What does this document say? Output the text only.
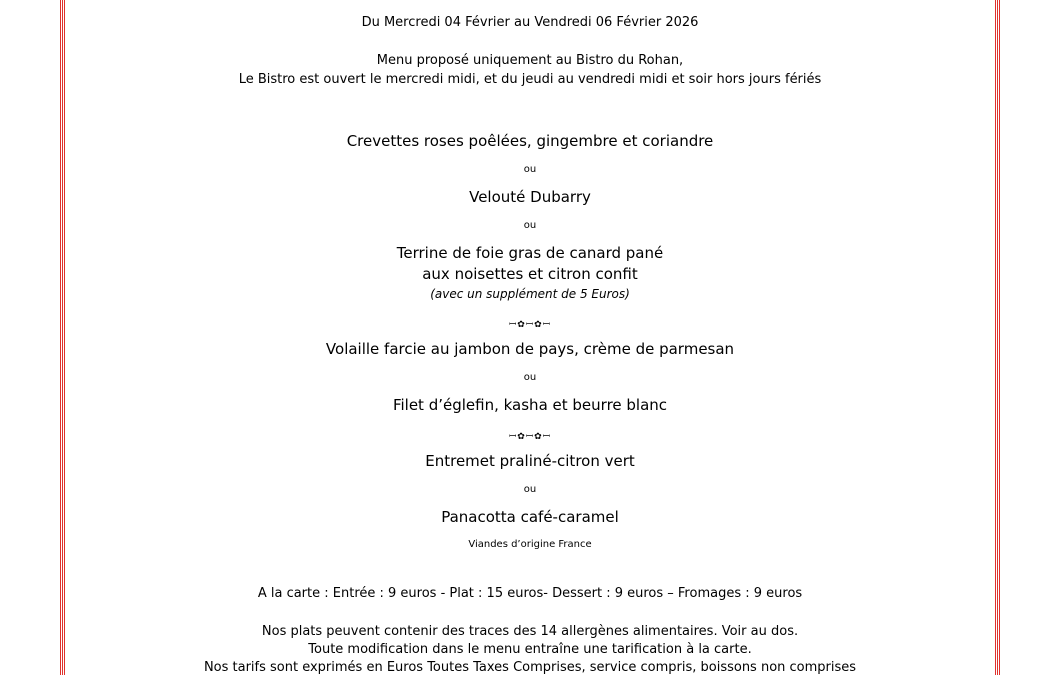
Du Mercredi 04 Février au Vendredi 06 Février 2026
Menu proposé uniquement au Bistro du Rohan,
Le Bistro est ouvert le mercredi midi, et du jeudi au vendredi midi et soir hors jours fériés
Crevettes roses poêlées, gingembre et coriandre
ou
Velouté Dubarry
ou
Terrine de foie gras de canard pané
aux noisettes et citron confit
(avec un supplément de 5 Euros)
ꟷ✿ꟷ✿ꟷ
Volaille farcie au jambon de pays, crème de parmesan
ou
Filet d’églefin, kasha et beurre blanc
ꟷ✿ꟷ✿ꟷ
Entremet praliné-citron vert
ou
Panacotta café-caramel
Viandes d’origine France
A la carte : Entrée : 9 euros - Plat : 15 euros- Dessert : 9 euros – Fromages : 9 euros
Nos plats peuvent contenir des traces des 14 allergènes alimentaires. Voir au dos.
Toute modification dans le menu entraîne une tarification à la carte.
Nos tarifs sont exprimés en Euros Toutes Taxes Comprises, service compris, boissons non comprises
